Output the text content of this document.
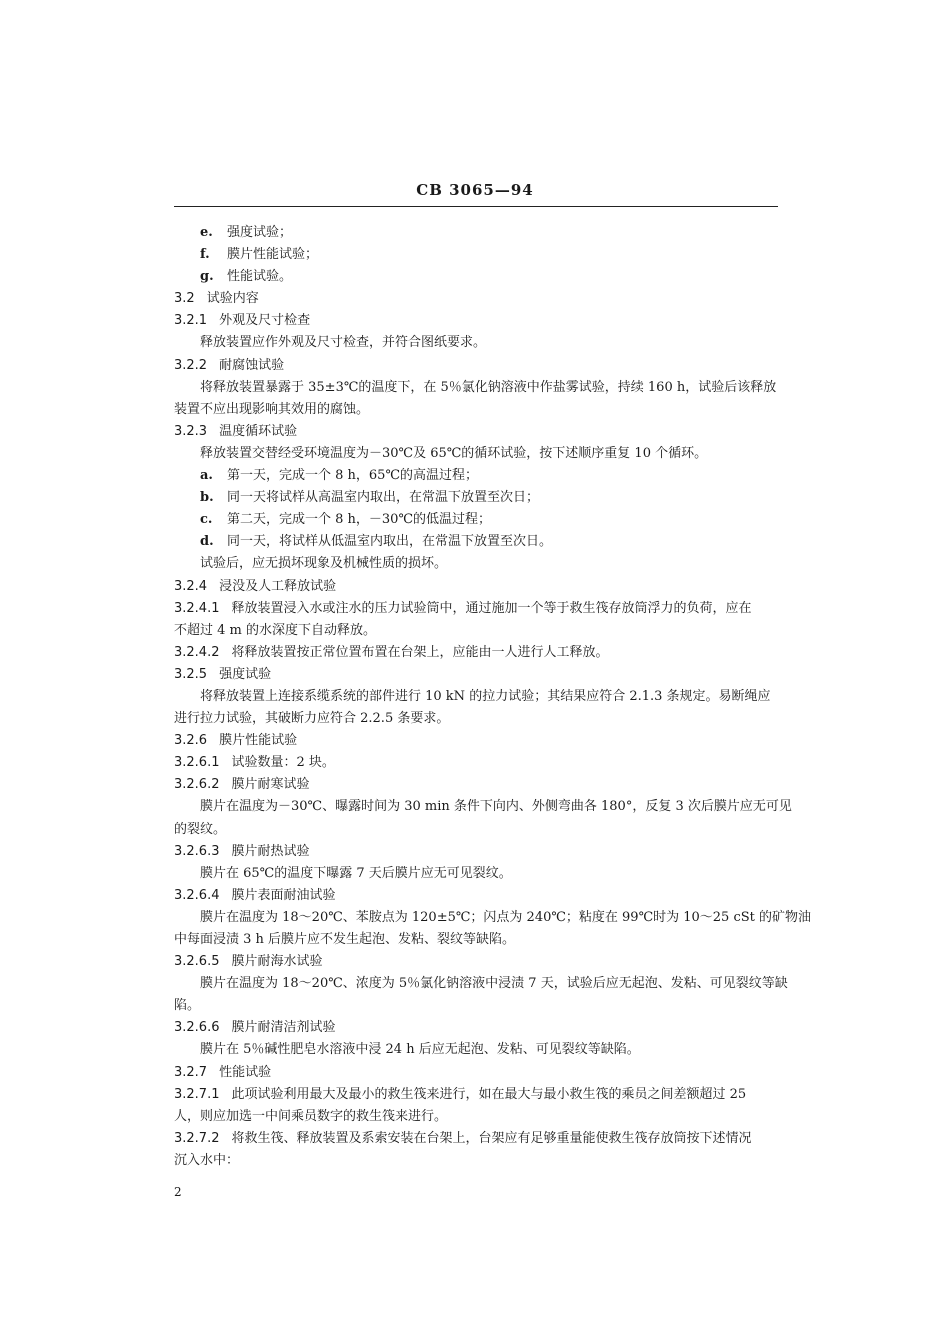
CB 3065—94
e. 强度试验；
f. 膜片性能试验；
g. 性能试验。
3.2 试验内容
3.2.1 外观及尺寸检查
释放装置应作外观及尺寸检查，并符合图纸要求。
3.2.2 耐腐蚀试验
将释放装置暴露于 35±3℃的温度下，在 5％氯化钠溶液中作盐雾试验，持续 160 h，试验后该释放
装置不应出现影响其效用的腐蚀。
3.2.3 温度循环试验
释放装置交替经受环境温度为－30℃及 65℃的循环试验，按下述顺序重复 10 个循环。
a. 第一天，完成一个 8 h，65℃的高温过程；
b. 同一天将试样从高温室内取出，在常温下放置至次日；
c. 第二天，完成一个 8 h，－30℃的低温过程；
d. 同一天，将试样从低温室内取出，在常温下放置至次日。
试验后，应无损坏现象及机械性质的损坏。
3.2.4 浸没及人工释放试验
3.2.4.1 释放装置浸入水或注水的压力试验筒中，通过施加一个等于救生筏存放筒浮力的负荷，应在
不超过 4 m 的水深度下自动释放。
3.2.4.2 将释放装置按正常位置布置在台架上，应能由一人进行人工释放。
3.2.5 强度试验
将释放装置上连接系缆系统的部件进行 10 kN 的拉力试验；其结果应符合 2.1.3 条规定。易断绳应
进行拉力试验，其破断力应符合 2.2.5 条要求。
3.2.6 膜片性能试验
3.2.6.1 试验数量：2 块。
3.2.6.2 膜片耐寒试验
膜片在温度为－30℃、曝露时间为 30 min 条件下向内、外侧弯曲各 180°，反复 3 次后膜片应无可见
的裂纹。
3.2.6.3 膜片耐热试验
膜片在 65℃的温度下曝露 7 天后膜片应无可见裂纹。
3.2.6.4 膜片表面耐油试验
膜片在温度为 18～20℃、苯胺点为 120±5℃；闪点为 240℃；粘度在 99℃时为 10～25 cSt 的矿物油
中每面浸渍 3 h 后膜片应不发生起泡、发粘、裂纹等缺陷。
3.2.6.5 膜片耐海水试验
膜片在温度为 18～20℃、浓度为 5％氯化钠溶液中浸渍 7 天，试验后应无起泡、发粘、可见裂纹等缺
陷。
3.2.6.6 膜片耐清洁剂试验
膜片在 5％碱性肥皂水溶液中浸 24 h 后应无起泡、发粘、可见裂纹等缺陷。
3.2.7 性能试验
3.2.7.1 此项试验利用最大及最小的救生筏来进行，如在最大与最小救生筏的乘员之间差额超过 25
人，则应加选一中间乘员数字的救生筏来进行。
3.2.7.2 将救生筏、释放装置及系索安装在台架上，台架应有足够重量能使救生筏存放筒按下述情况
沉入水中：
2
